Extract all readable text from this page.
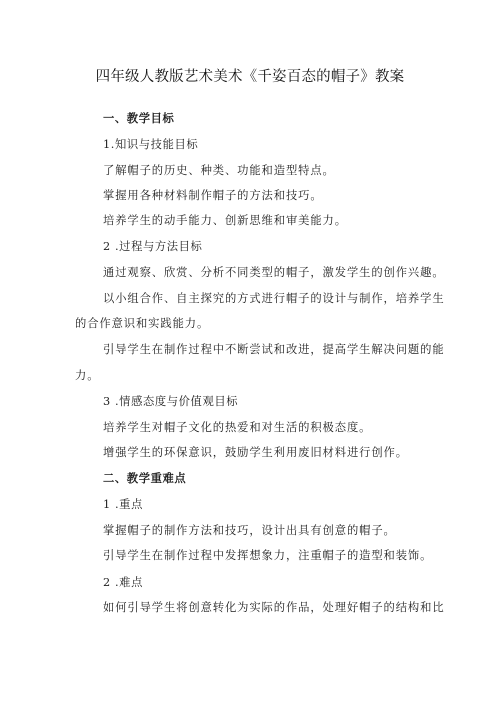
四年级人教版艺术美术《千姿百态的帽子》教案
一、教学目标
1.知识与技能目标
了解帽子的历史、种类、功能和造型特点。
掌握用各种材料制作帽子的方法和技巧。
培养学生的动手能力、创新思维和审美能力。
2 .过程与方法目标
通过观察、欣赏、分析不同类型的帽子，激发学生的创作兴趣。
以小组合作、自主探究的方式进行帽子的设计与制作，培养学生
的合作意识和实践能力。
引导学生在制作过程中不断尝试和改进，提高学生解决问题的能
力。
3 .情感态度与价值观目标
培养学生对帽子文化的热爱和对生活的积极态度。
增强学生的环保意识，鼓励学生利用废旧材料进行创作。
二、教学重难点
1 .重点
掌握帽子的制作方法和技巧，设计出具有创意的帽子。
引导学生在制作过程中发挥想象力，注重帽子的造型和装饰。
2 .难点
如何引导学生将创意转化为实际的作品，处理好帽子的结构和比
